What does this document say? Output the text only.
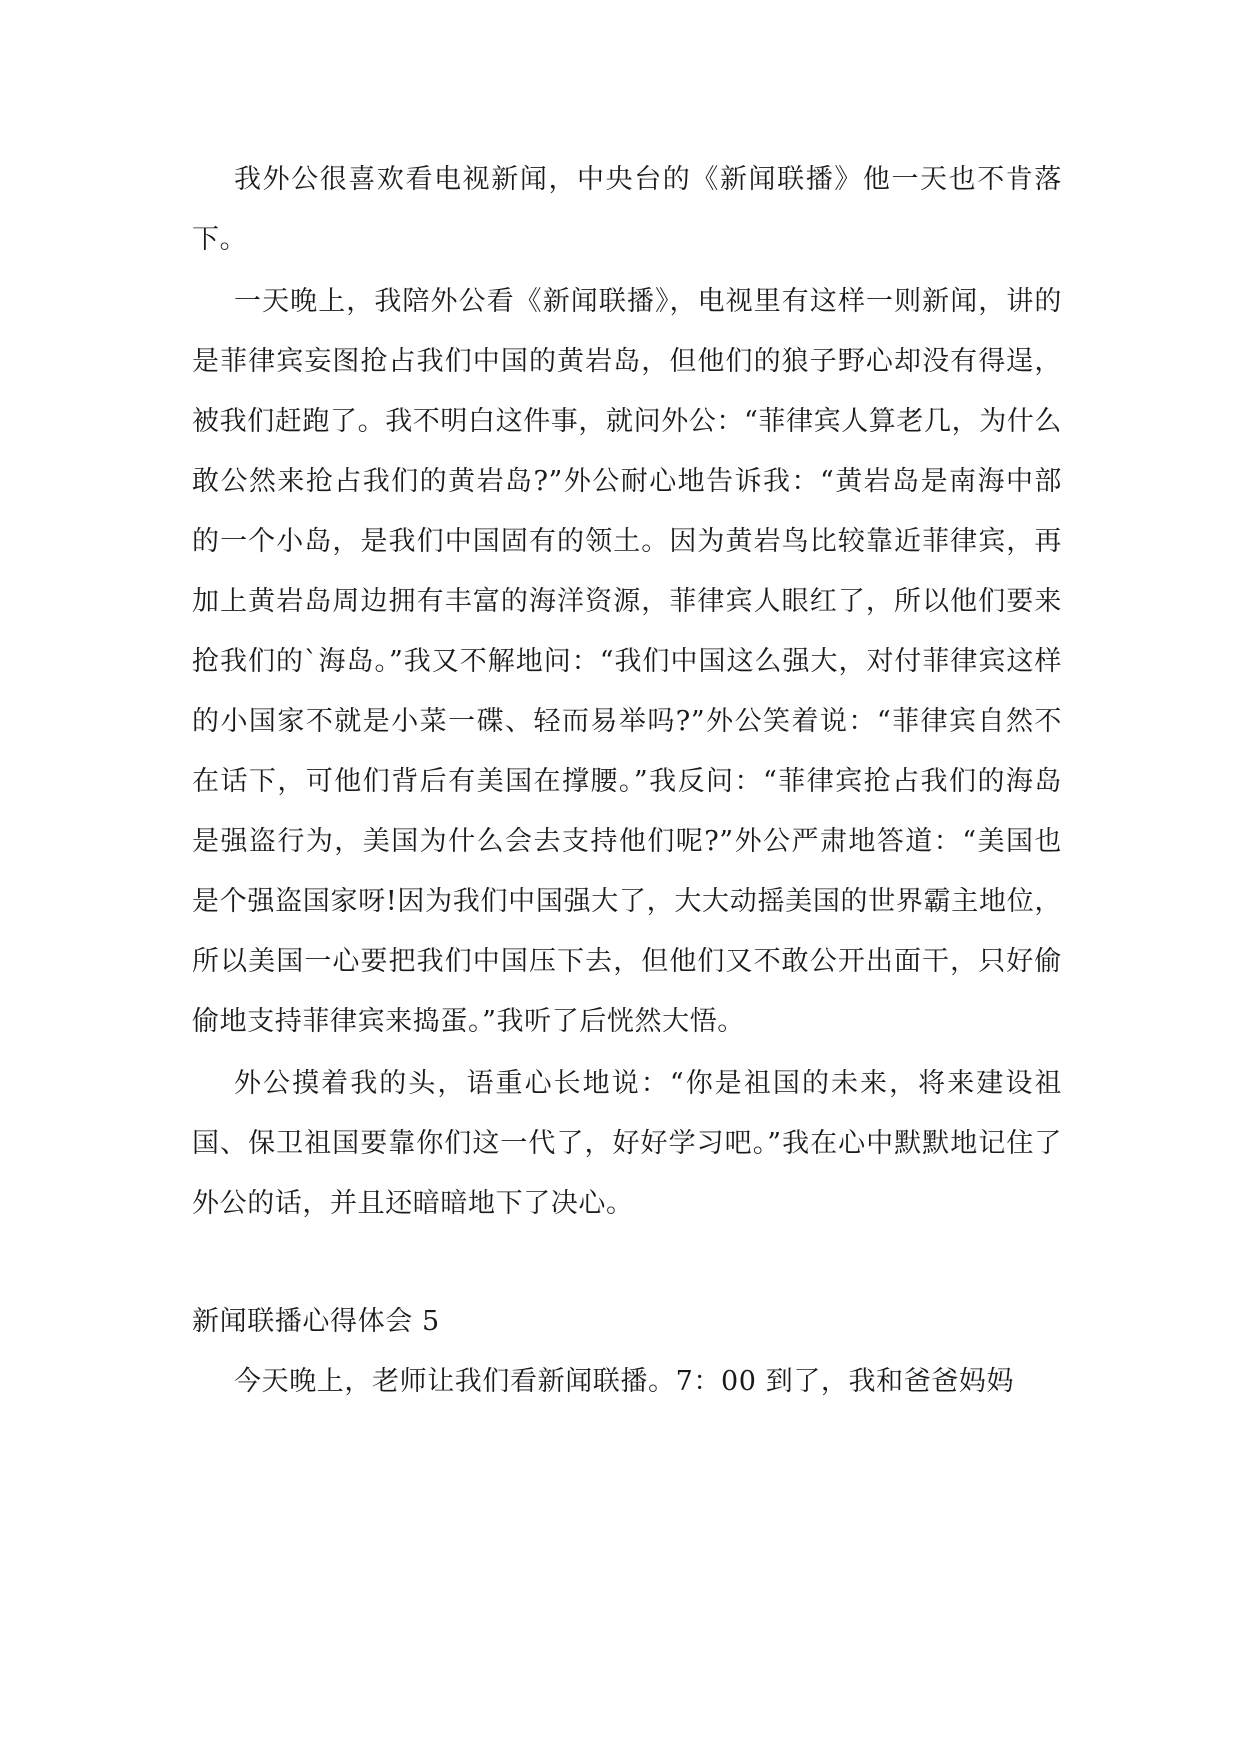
我外公很喜欢看电视新闻，中央台的《新闻联播》他一天也不肯落下。

一天晚上，我陪外公看《新闻联播》，电视里有这样一则新闻，讲的是菲律宾妄图抢占我们中国的黄岩岛，但他们的狼子野心却没有得逞，被我们赶跑了。我不明白这件事，就问外公：“菲律宾人算老几，为什么敢公然来抢占我们的黄岩岛?”外公耐心地告诉我：“黄岩岛是南海中部的一个小岛，是我们中国固有的领土。因为黄岩鸟比较靠近菲律宾，再加上黄岩岛周边拥有丰富的海洋资源，菲律宾人眼红了，所以他们要来抢我们的`海岛。”我又不解地问：“我们中国这么强大，对付菲律宾这样的小国家不就是小菜一碟、轻而易举吗?”外公笑着说：“菲律宾自然不在话下，可他们背后有美国在撑腰。”我反问：“菲律宾抢占我们的海岛是强盗行为，美国为什么会去支持他们呢?”外公严肃地答道：“美国也是个强盗国家呀!因为我们中国强大了，大大动摇美国的世界霸主地位，所以美国一心要把我们中国压下去，但他们又不敢公开出面干，只好偷偷地支持菲律宾来捣蛋。”我听了后恍然大悟。

外公摸着我的头，语重心长地说：“你是祖国的未来，将来建设祖国、保卫祖国要靠你们这一代了，好好学习吧。”我在心中默默地记住了外公的话，并且还暗暗地下了决心。

新闻联播心得体会 5

今天晚上，老师让我们看新闻联播。7：00 到了，我和爸爸妈妈
